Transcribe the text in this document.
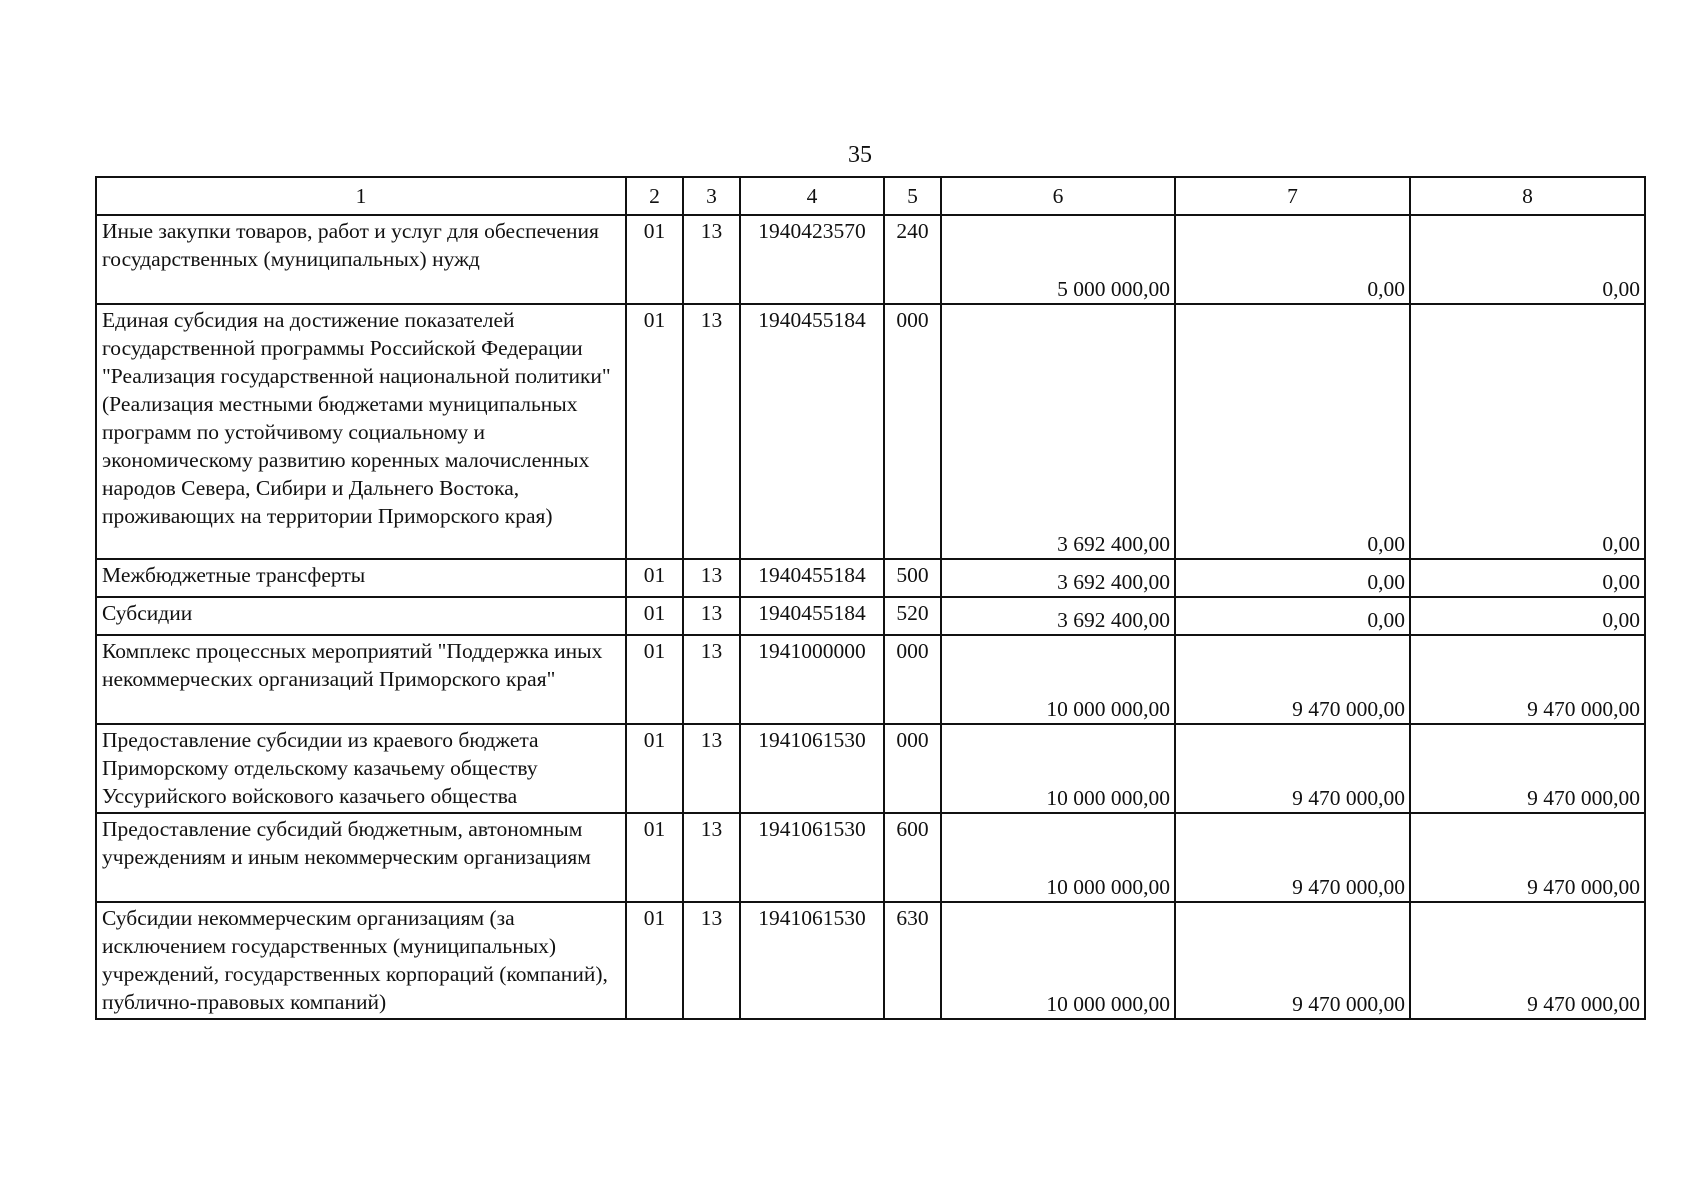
35
1	2	3	4	5	6	7	8
Иные закупки товаров, работ и услуг для обеспечения государственных (муниципальных) нужд	01	13	1940423570	240	5 000 000,00	0,00	0,00
Единая субсидия на достижение показателей государственной программы Российской Федерации "Реализация государственной национальной политики" (Реализация местными бюджетами муниципальных программ по устойчивому социальному и экономическому развитию коренных малочисленных народов Севера, Сибири и Дальнего Востока, проживающих на территории Приморского края)	01	13	1940455184	000	3 692 400,00	0,00	0,00
Межбюджетные трансферты	01	13	1940455184	500	3 692 400,00	0,00	0,00
Субсидии	01	13	1940455184	520	3 692 400,00	0,00	0,00
Комплекс процессных мероприятий "Поддержка иных некоммерческих организаций Приморского края"	01	13	1941000000	000	10 000 000,00	9 470 000,00	9 470 000,00
Предоставление субсидии из краевого бюджета Приморскому отдельскому казачьему обществу Уссурийского войскового казачьего общества	01	13	1941061530	000	10 000 000,00	9 470 000,00	9 470 000,00
Предоставление субсидий бюджетным, автономным учреждениям и иным некоммерческим организациям	01	13	1941061530	600	10 000 000,00	9 470 000,00	9 470 000,00
Субсидии некоммерческим организациям (за исключением государственных (муниципальных) учреждений, государственных корпораций (компаний), публично-правовых компаний)	01	13	1941061530	630	10 000 000,00	9 470 000,00	9 470 000,00
